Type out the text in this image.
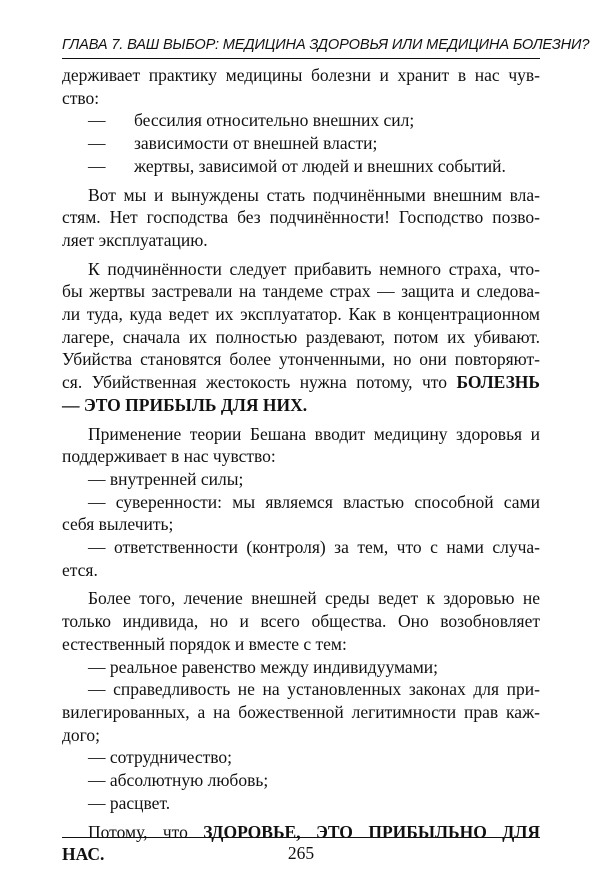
ГЛАВА 7. ВАШ ВЫБОР: МЕДИЦИНА ЗДОРОВЬЯ ИЛИ МЕДИЦИНА БОЛЕЗНИ?
держивает практику медицины болезни и хранит в нас чув-
ство:
—	бессилия относительно внешних сил;
—	зависимости от внешней власти;
—	жертвы, зависимой от людей и внешних событий.
Вот мы и вынуждены стать подчинёнными внешним вла-
стям. Нет господства без подчинённости! Господство позво-
ляет эксплуатацию.
К подчинённости следует прибавить немного страха, что-
бы жертвы застревали на тандеме страх — защита и следова-
ли туда, куда ведет их эксплуататор. Как в концентрационном
лагере, сначала их полностью раздевают, потом их убивают.
Убийства становятся более утонченными, но они повторяют-
ся. Убийственная жестокость нужна потому, что БОЛЕЗНЬ
— ЭТО ПРИБЫЛЬ ДЛЯ НИХ.
Применение теории Бешана вводит медицину здоровья и
поддерживает в нас чувство:
— внутренней силы;
— суверенности: мы являемся властью способной сами
себя вылечить;
— ответственности (контроля) за тем, что с нами случа-
ется.
Более того, лечение внешней среды ведет к здоровью не
только индивида, но и всего общества. Оно возобновляет
естественный порядок и вместе с тем:
— реальное равенство между индивидуумами;
— справедливость не на установленных законах для при-
вилегированных, а на божественной легитимности прав каж-
дого;
— сотрудничество;
— абсолютную любовь;
— расцвет.
Потому, что ЗДОРОВЬЕ, ЭТО ПРИБЫЛЬНО ДЛЯ
НАС.	265
